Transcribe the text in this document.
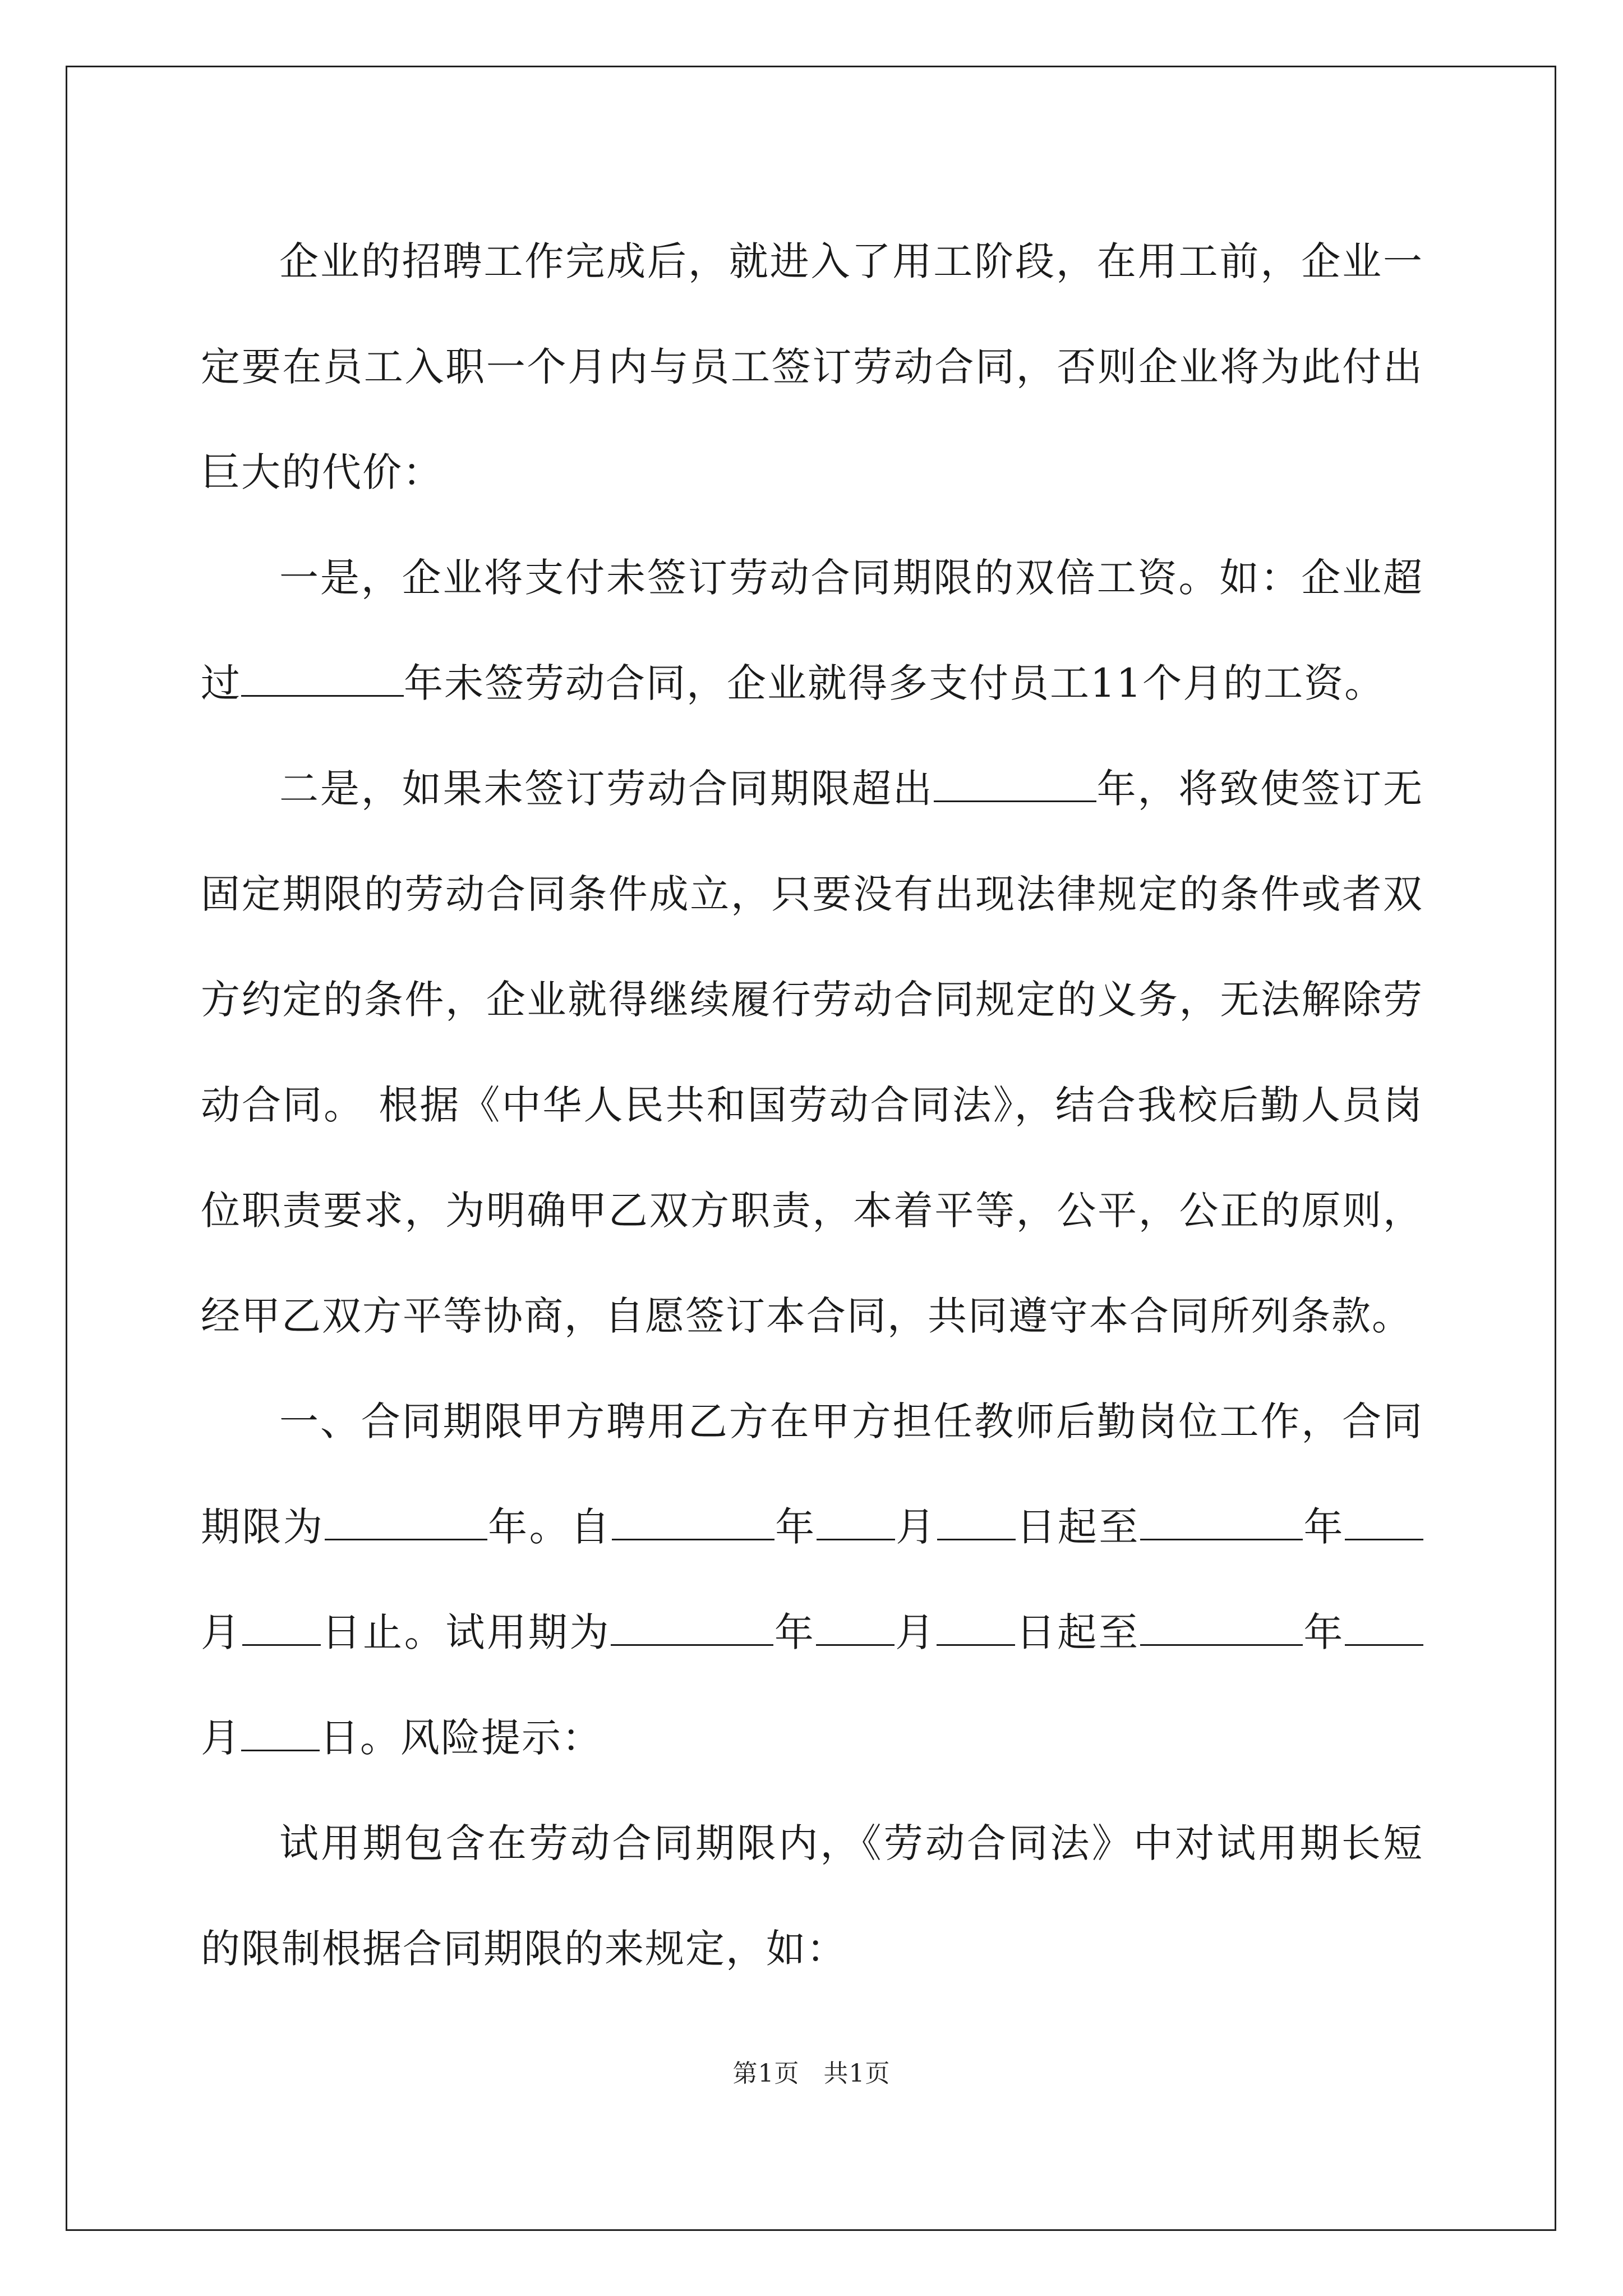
企业的招聘工作完成后，就进入了用工阶段，在用工前，企业一定要在员工入职一个月内与员工签订劳动合同，否则企业将为此付出巨大的代价：

一是，企业将支付未签订劳动合同期限的双倍工资。如：企业超过	年未签劳动合同，企业就得多支付员工11个月的工资。

二是，如果未签订劳动合同期限超出	年，将致使签订无固定期限的劳动合同条件成立，只要没有出现法律规定的条件或者双方约定的条件，企业就得继续履行劳动合同规定的义务，无法解除劳动合同。 根据《中华人民共和国劳动合同法》，结合我校后勤人员岗位职责要求，为明确甲乙双方职责，本着平等，公平，公正的原则，经甲乙双方平等协商，自愿签订本合同，共同遵守本合同所列条款。

一、合同期限甲方聘用乙方在甲方担任教师后勤岗位工作，合同期限为	年。自	年 月 日起至	年月 日止。试用期为	年 月 日起至	年月 日。风险提示：

试用期包含在劳动合同期限内，《劳动合同法》中对试用期长短的限制根据合同期限的来规定，如：

第1页 共1页
